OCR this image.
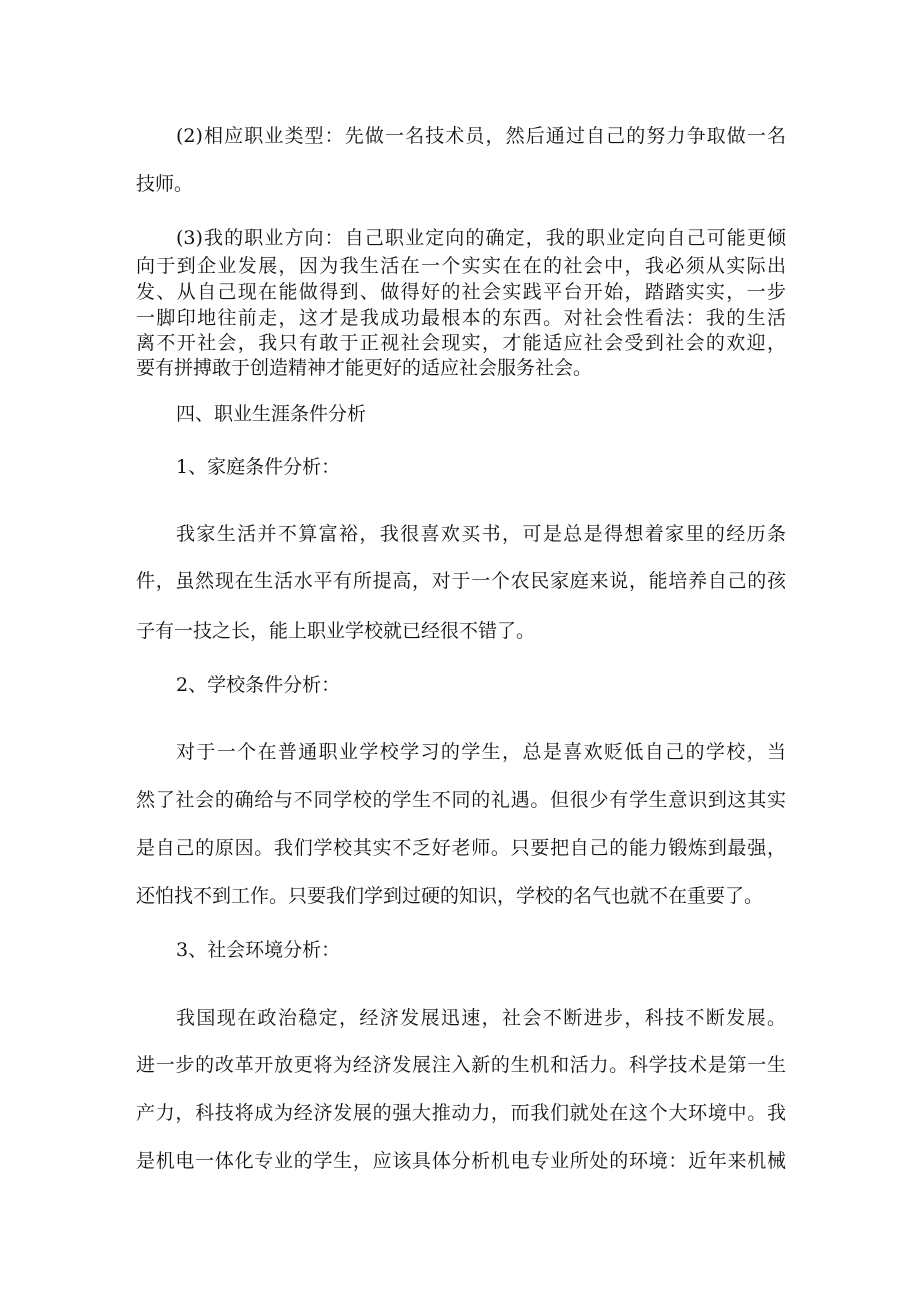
(2)相应职业类型：先做一名技术员，然后通过自己的努力争取做一名
技师。
(3)我的职业方向：自己职业定向的确定，我的职业定向自己可能更倾
向于到企业发展，因为我生活在一个实实在在的社会中，我必须从实际出
发、从自己现在能做得到、做得好的社会实践平台开始，踏踏实实，一步
一脚印地往前走，这才是我成功最根本的东西。对社会性看法：我的生活
离不开社会，我只有敢于正视社会现实，才能适应社会受到社会的欢迎，
要有拼搏敢于创造精神才能更好的适应社会服务社会。
四、职业生涯条件分析
1、家庭条件分析：
我家生活并不算富裕，我很喜欢买书，可是总是得想着家里的经历条
件，虽然现在生活水平有所提高，对于一个农民家庭来说，能培养自己的孩
子有一技之长，能上职业学校就已经很不错了。
2、学校条件分析：
对于一个在普通职业学校学习的学生，总是喜欢贬低自己的学校，当
然了社会的确给与不同学校的学生不同的礼遇。但很少有学生意识到这其实
是自己的原因。我们学校其实不乏好老师。只要把自己的能力锻炼到最强，
还怕找不到工作。只要我们学到过硬的知识，学校的名气也就不在重要了。
3、社会环境分析：
我国现在政治稳定，经济发展迅速，社会不断进步，科技不断发展。
进一步的改革开放更将为经济发展注入新的生机和活力。科学技术是第一生
产力，科技将成为经济发展的强大推动力，而我们就处在这个大环境中。我
是机电一体化专业的学生，应该具体分析机电专业所处的环境：近年来机械
